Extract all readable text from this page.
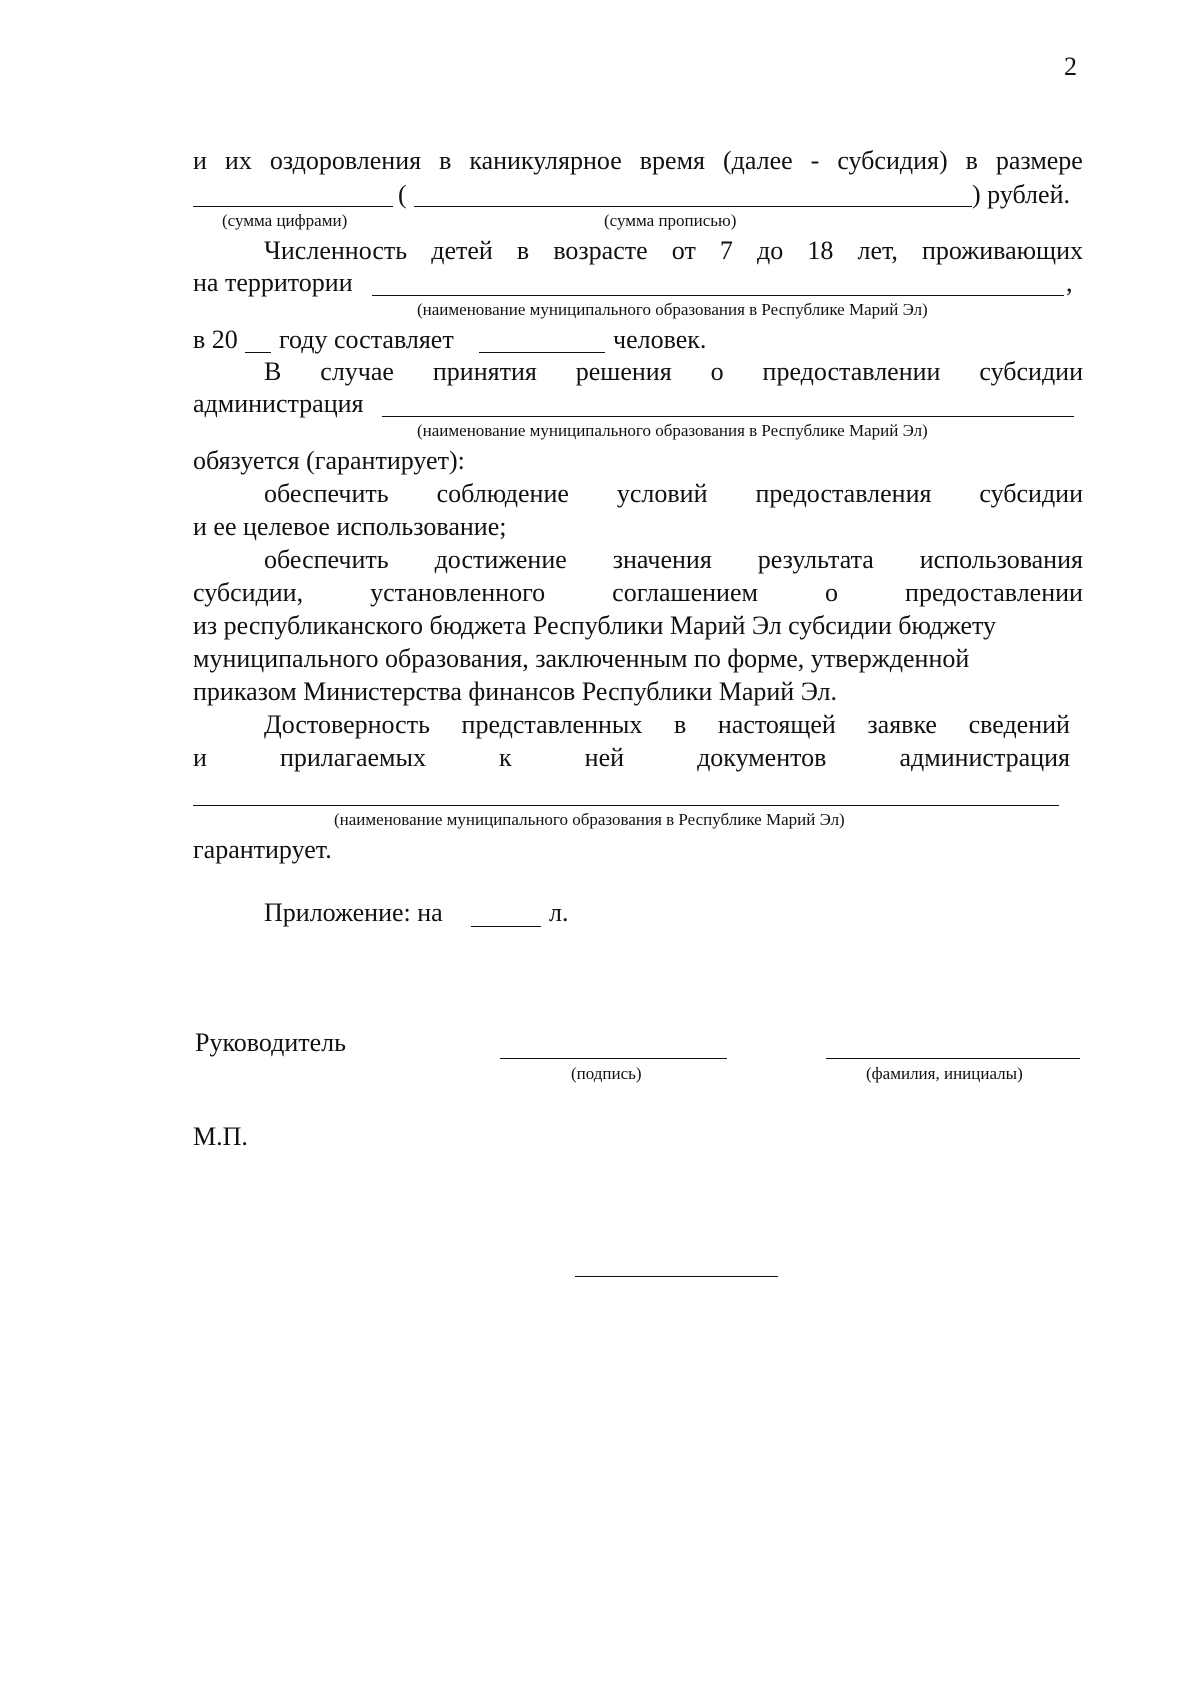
2
и их оздоровления в каникулярное время (далее - субсидия) в размере
(	) рублей.
(сумма цифрами)	(сумма прописью)
Численность детей в возрасте от 7 до 18 лет, проживающих
на территории	,
(наименование муниципального образования в Республике Марий Эл)
в 20 году составляет	человек.
В случае принятия решения о предоставлении субсидии
администрация
(наименование муниципального образования в Республике Марий Эл)
обязуется (гарантирует):
обеспечить соблюдение условий предоставления субсидии
и ее целевое использование;
обеспечить достижение значения результата использования
субсидии,	установленного	соглашением	о	предоставлении
из республиканского бюджета Республики Марий Эл субсидии бюджету
муниципального образования, заключенным по форме, утвержденной
приказом Министерства финансов Республики Марий Эл.
Достоверность представленных в настоящей заявке сведений
и	прилагаемых	к	ней	документов	администрация
(наименование муниципального образования в Республике Марий Эл)
гарантирует.
Приложение: на	л.
Руководитель
(подпись)	(фамилия, инициалы)
М.П.
